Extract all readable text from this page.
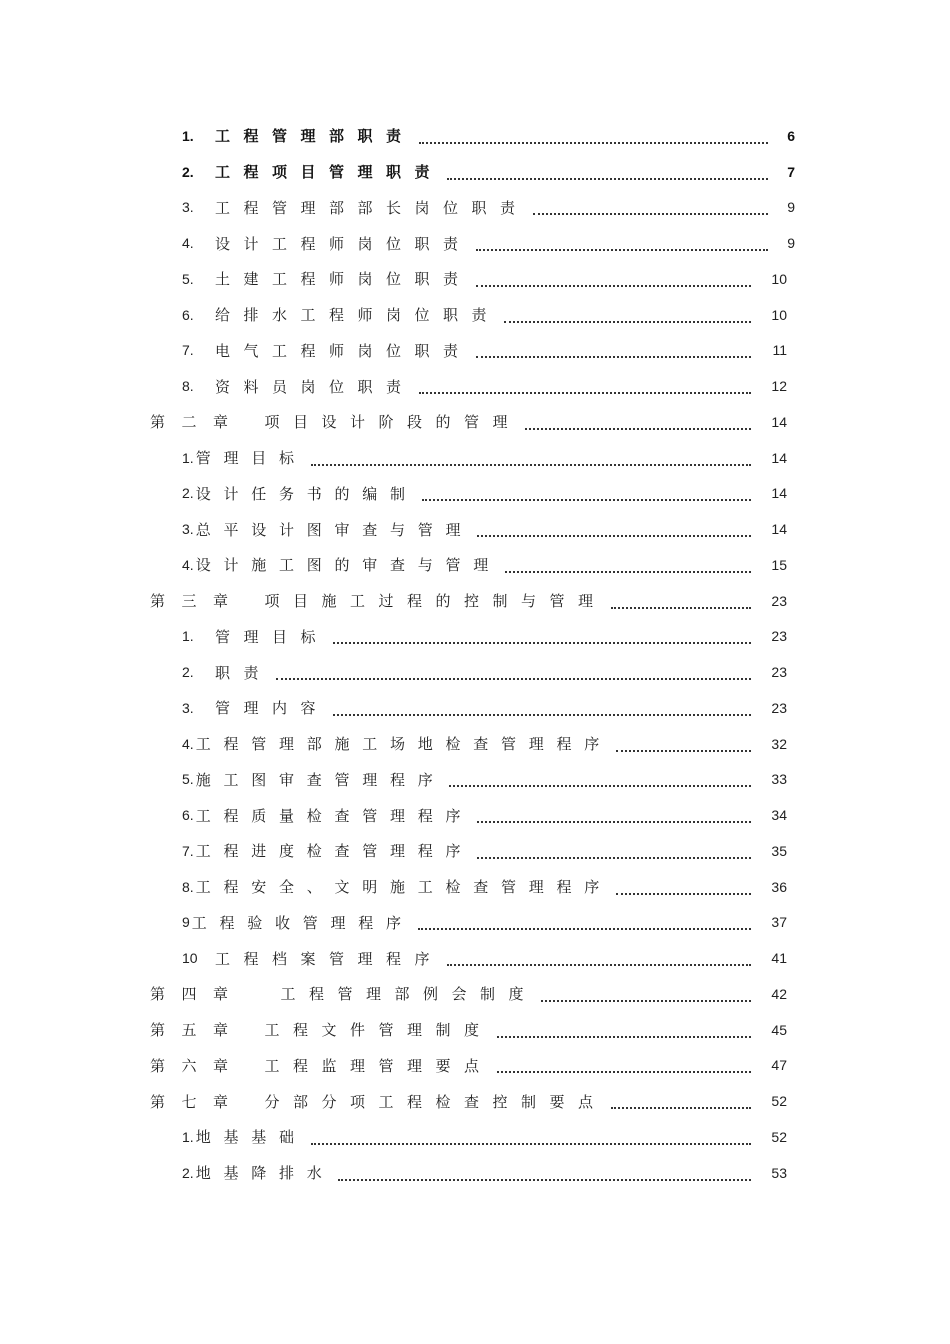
1.	工程管理部职责	6
2.	工程项目管理职责	7
3.	工程管理部部长岗位职责	9
4.	设计工程师岗位职责	9
5.	土建工程师岗位职责	10
6.	给排水工程师岗位职责	10
7.	电气工程师岗位职责	11
8.	资料员岗位职责	12
第二章 项目设计阶段的管理	14
1. 管理目标	14
2. 设计任务书的编制	14
3. 总平设计图审查与管理	14
4. 设计施工图的审查与管理	15
第三章 项目施工过程的控制与管理	23
1.	管理目标	23
2.	职责	23
3.	管理内容	23
4. 工程管理部施工场地检查管理程序	32
5. 施工图审查管理程序	33
6. 工程质量检查管理程序	34
7. 工程进度检查管理程序	35
8. 工程安全、文明施工检查管理程序	36
9 工程验收管理程序	37
10	工程档案管理程序	41
第四章 工程管理部例会制度	42
第五章 工程文件管理制度	45
第六章 工程监理管理要点	47
第七章 分部分项工程检查控制要点	52
1. 地基基础	52
2. 地基降排水	53
